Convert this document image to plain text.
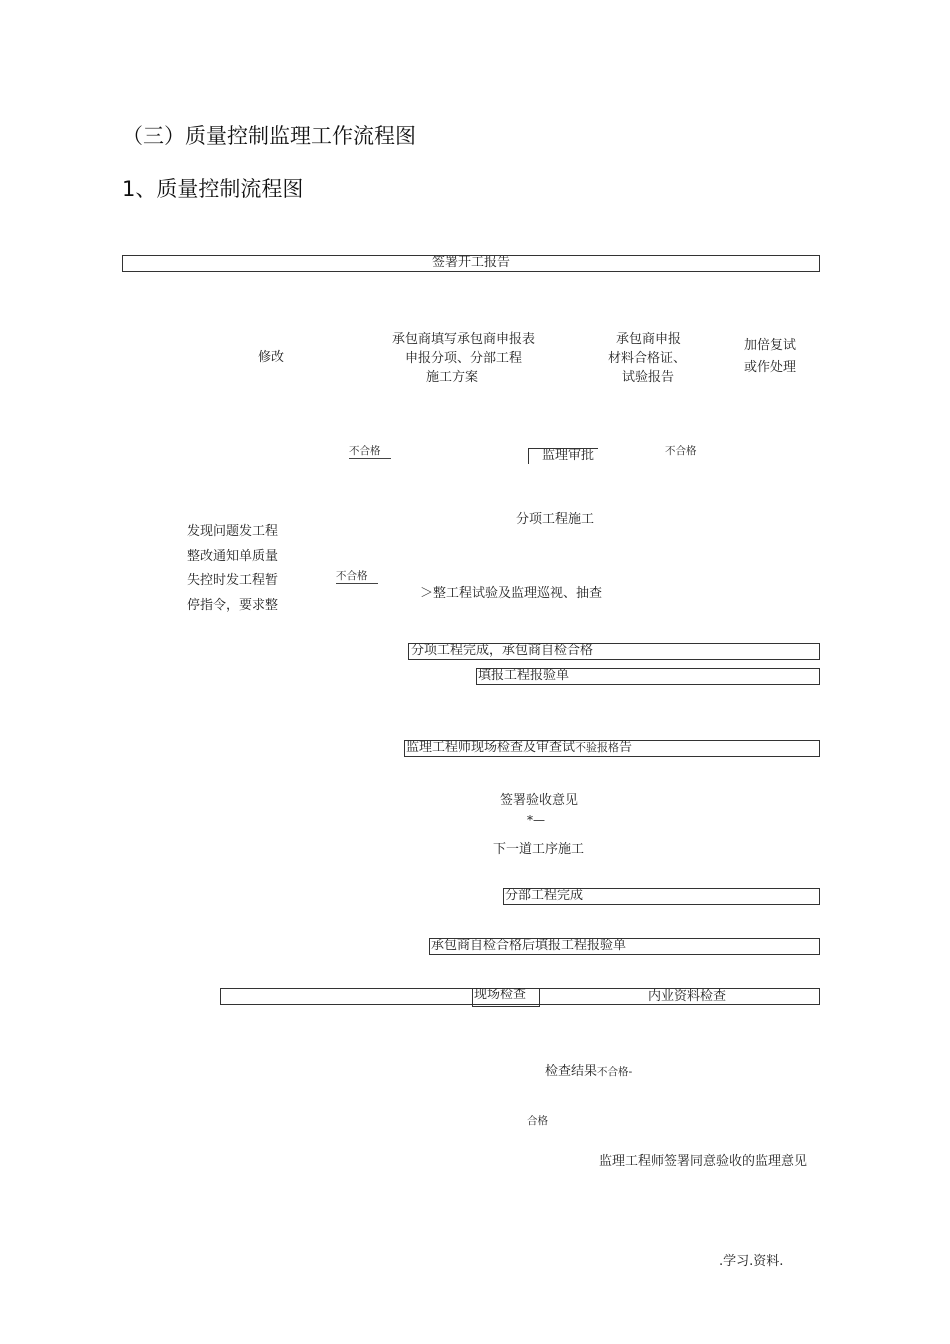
（三）质量控制监理工作流程图
1、质量控制流程图
签署开工报告
修改
承包商填写承包商申报表
申报分项、分部工程
施工方案
承包商申报
材料合格证、
试验报告
加倍复试
或作处理
不合格	监理审批	不合格
分项工程施工
发现问题发工程
整改通知单质量
失控时发工程暂
停指令，要求整
不合格
＞整工程试验及监理巡视、抽查
分项工程完成，承包商自检合格
填报工程报验单
监理工程师现场检查及审查试不验报格告
签署验收意见
*—
下一道工序施工
分部工程完成
承包商自检合格后填报工程报验单
现场检查	内业资料检查
检查结果不合格-
合格
监理工程师签署同意验收的监理意见
.学习.资料.
